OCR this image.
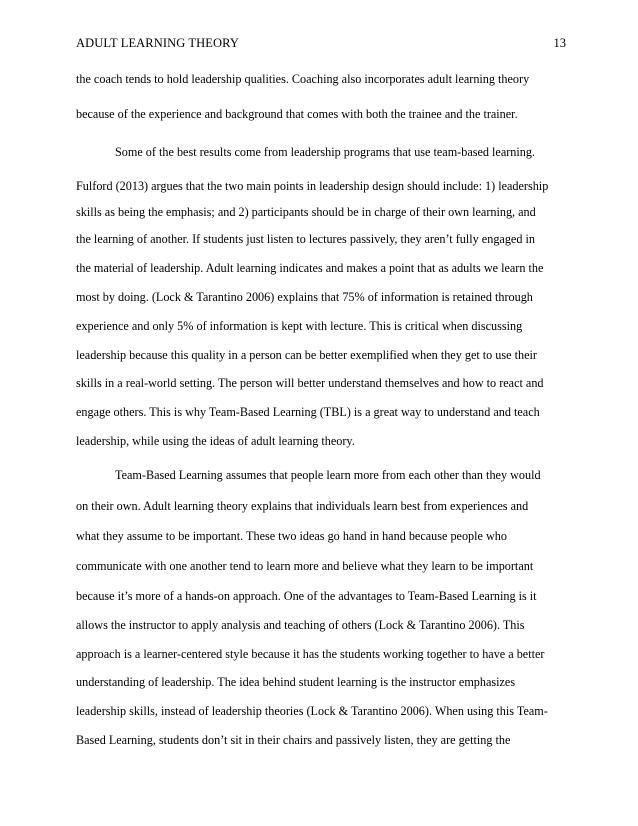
ADULT LEARNING THEORY	13
the coach tends to hold leadership qualities. Coaching also incorporates adult learning theory
because of the experience and background that comes with both the trainee and the trainer.
Some of the best results come from leadership programs that use team-based learning.
Fulford (2013) argues that the two main points in leadership design should include: 1) leadership
skills as being the emphasis; and 2) participants should be in charge of their own learning, and
the learning of another. If students just listen to lectures passively, they aren’t fully engaged in
the material of leadership. Adult learning indicates and makes a point that as adults we learn the
most by doing. (Lock & Tarantino 2006) explains that 75% of information is retained through
experience and only 5% of information is kept with lecture. This is critical when discussing
leadership because this quality in a person can be better exemplified when they get to use their
skills in a real-world setting. The person will better understand themselves and how to react and
engage others. This is why Team-Based Learning (TBL) is a great way to understand and teach
leadership, while using the ideas of adult learning theory.
Team-Based Learning assumes that people learn more from each other than they would
on their own. Adult learning theory explains that individuals learn best from experiences and
what they assume to be important. These two ideas go hand in hand because people who
communicate with one another tend to learn more and believe what they learn to be important
because it’s more of a hands-on approach. One of the advantages to Team-Based Learning is it
allows the instructor to apply analysis and teaching of others (Lock & Tarantino 2006). This
approach is a learner-centered style because it has the students working together to have a better
understanding of leadership. The idea behind student learning is the instructor emphasizes
leadership skills, instead of leadership theories (Lock & Tarantino 2006). When using this Team-
Based Learning, students don’t sit in their chairs and passively listen, they are getting the
